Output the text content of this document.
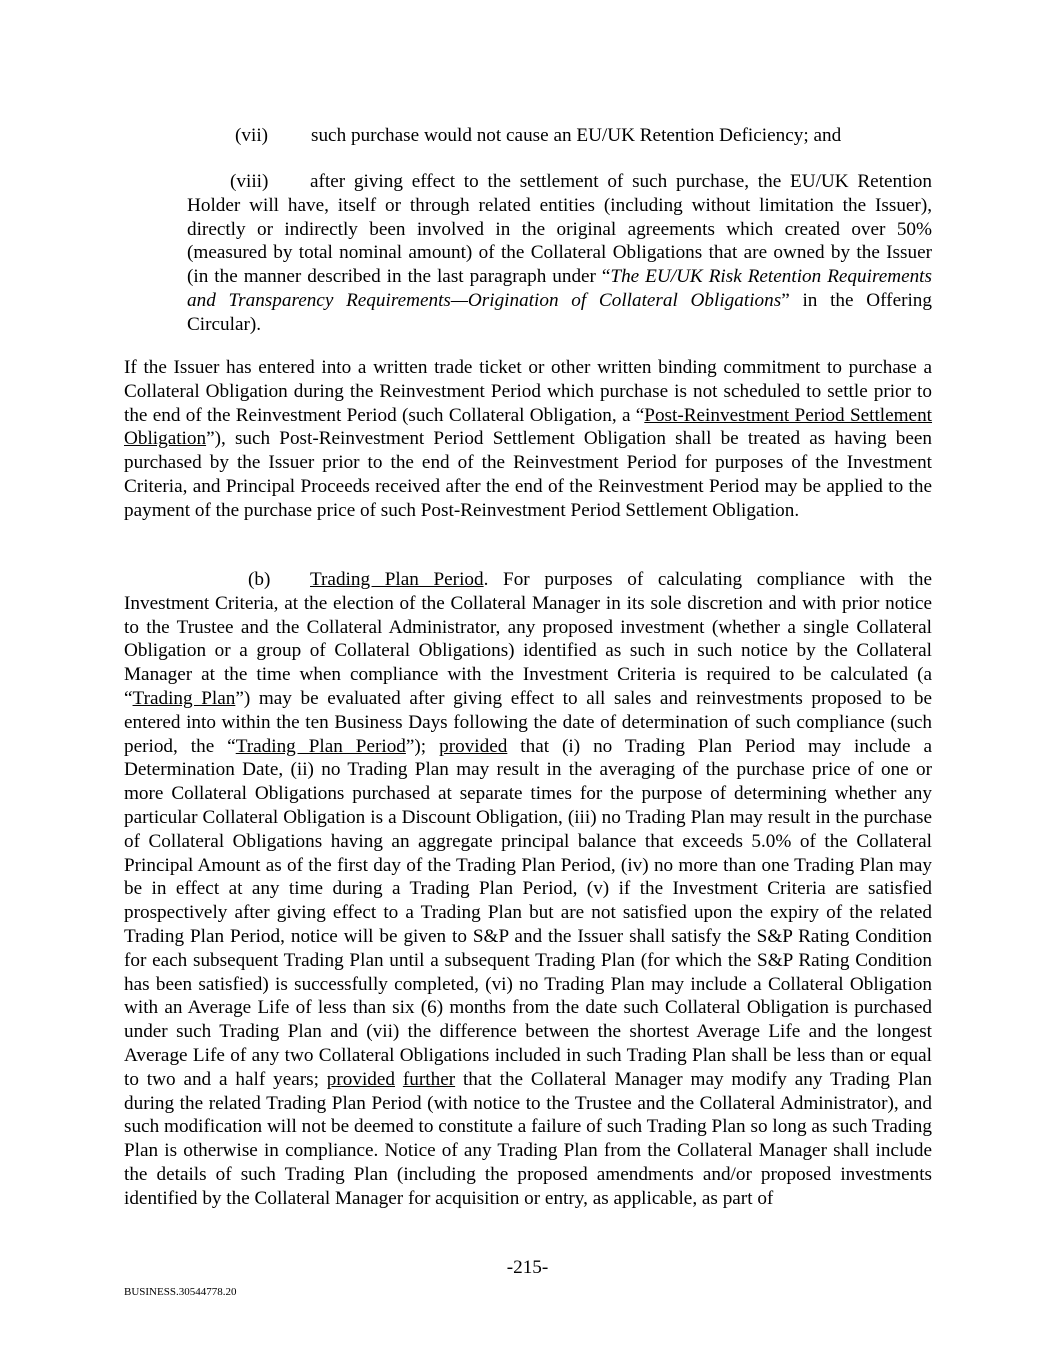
(vii) such purchase would not cause an EU/UK Retention Deficiency; and
(viii) after giving effect to the settlement of such purchase, the EU/UK Retention Holder will have, itself or through related entities (including without limitation the Issuer), directly or indirectly been involved in the original agreements which created over 50% (measured by total nominal amount) of the Collateral Obligations that are owned by the Issuer (in the manner described in the last paragraph under “The EU/UK Risk Retention Requirements and Transparency Requirements—Origination of Collateral Obligations” in the Offering Circular).
If the Issuer has entered into a written trade ticket or other written binding commitment to purchase a Collateral Obligation during the Reinvestment Period which purchase is not scheduled to settle prior to the end of the Reinvestment Period (such Collateral Obligation, a “Post-Reinvestment Period Settlement Obligation”), such Post-Reinvestment Period Settlement Obligation shall be treated as having been purchased by the Issuer prior to the end of the Reinvestment Period for purposes of the Investment Criteria, and Principal Proceeds received after the end of the Reinvestment Period may be applied to the payment of the purchase price of such Post-Reinvestment Period Settlement Obligation.
(b) Trading Plan Period. For purposes of calculating compliance with the Investment Criteria, at the election of the Collateral Manager in its sole discretion and with prior notice to the Trustee and the Collateral Administrator, any proposed investment (whether a single Collateral Obligation or a group of Collateral Obligations) identified as such in such notice by the Collateral Manager at the time when compliance with the Investment Criteria is required to be calculated (a “Trading Plan”) may be evaluated after giving effect to all sales and reinvestments proposed to be entered into within the ten Business Days following the date of determination of such compliance (such period, the “Trading Plan Period”); provided that (i) no Trading Plan Period may include a Determination Date, (ii) no Trading Plan may result in the averaging of the purchase price of one or more Collateral Obligations purchased at separate times for the purpose of determining whether any particular Collateral Obligation is a Discount Obligation, (iii) no Trading Plan may result in the purchase of Collateral Obligations having an aggregate principal balance that exceeds 5.0% of the Collateral Principal Amount as of the first day of the Trading Plan Period, (iv) no more than one Trading Plan may be in effect at any time during a Trading Plan Period, (v) if the Investment Criteria are satisfied prospectively after giving effect to a Trading Plan but are not satisfied upon the expiry of the related Trading Plan Period, notice will be given to S&P and the Issuer shall satisfy the S&P Rating Condition for each subsequent Trading Plan until a subsequent Trading Plan (for which the S&P Rating Condition has been satisfied) is successfully completed, (vi) no Trading Plan may include a Collateral Obligation with an Average Life of less than six (6) months from the date such Collateral Obligation is purchased under such Trading Plan and (vii) the difference between the shortest Average Life and the longest Average Life of any two Collateral Obligations included in such Trading Plan shall be less than or equal to two and a half years; provided further that the Collateral Manager may modify any Trading Plan during the related Trading Plan Period (with notice to the Trustee and the Collateral Administrator), and such modification will not be deemed to constitute a failure of such Trading Plan so long as such Trading Plan is otherwise in compliance. Notice of any Trading Plan from the Collateral Manager shall include the details of such Trading Plan (including the proposed amendments and/or proposed investments identified by the Collateral Manager for acquisition or entry, as applicable, as part of
-215-
BUSINESS.30544778.20
